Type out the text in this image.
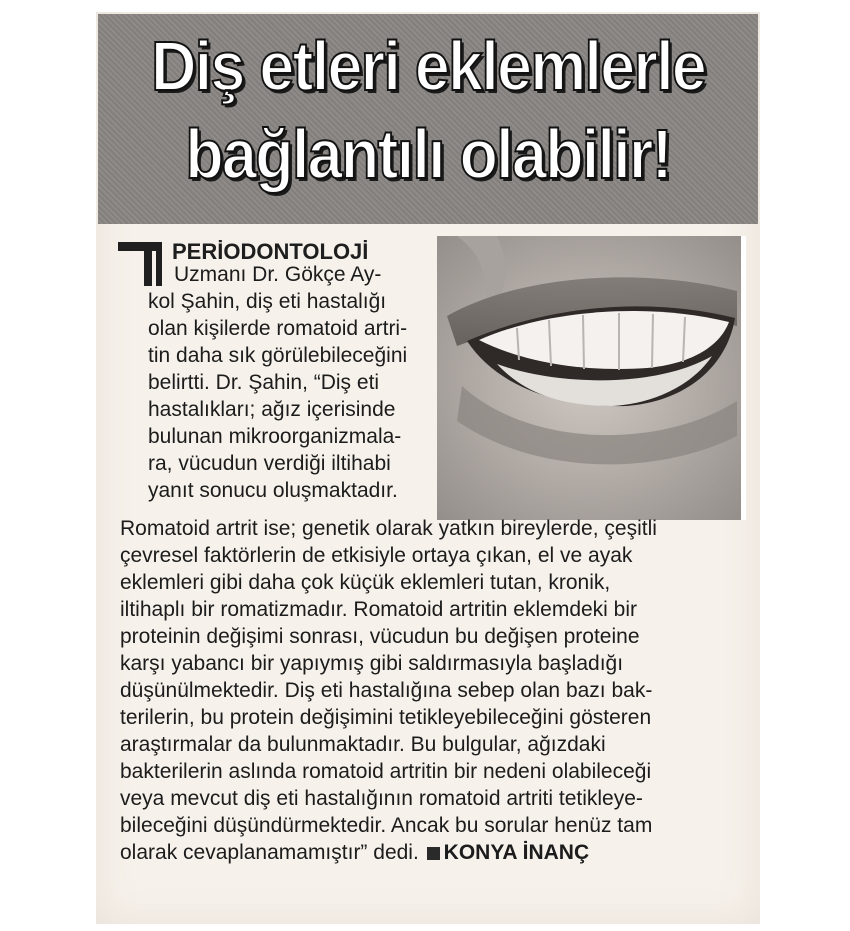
Diş etleri eklemlerle
bağlantılı olabilir!

PERİODONTOLOJİ

Uzmanı Dr. Gökçe Ay-

kol Şahin, diş eti hastalığı

olan kişilerde romatoid artri-

tin daha sık görülebileceğini

belirtti. Dr. Şahin, “Diş eti

hastalıkları; ağız içerisinde

bulunan mikroorganizmala-

ra, vücudun verdiği iltihabi

yanıt sonucu oluşmaktadır.

Romatoid artrit ise; genetik olarak yatkın bireylerde, çeşitli

çevresel faktörlerin de etkisiyle ortaya çıkan, el ve ayak

eklemleri gibi daha çok küçük eklemleri tutan, kronik,

iltihaplı bir romatizmadır. Romatoid artritin eklemdeki bir

proteinin değişimi sonrası, vücudun bu değişen proteine

karşı yabancı bir yapıymış gibi saldırmasıyla başladığı

düşünülmektedir. Diş eti hastalığına sebep olan bazı bak-

terilerin, bu protein değişimini tetikleyebileceğini gösteren

araştırmalar da bulunmaktadır. Bu bulgular, ağızdaki

bakterilerin aslında romatoid artritin bir nedeni olabileceği

veya mevcut diş eti hastalığının romatoid artriti tetikleye-

bileceğini düşündürmektedir. Ancak bu sorular henüz tam

olarak cevaplanamamıştır” dedi. KONYA İNANÇ
